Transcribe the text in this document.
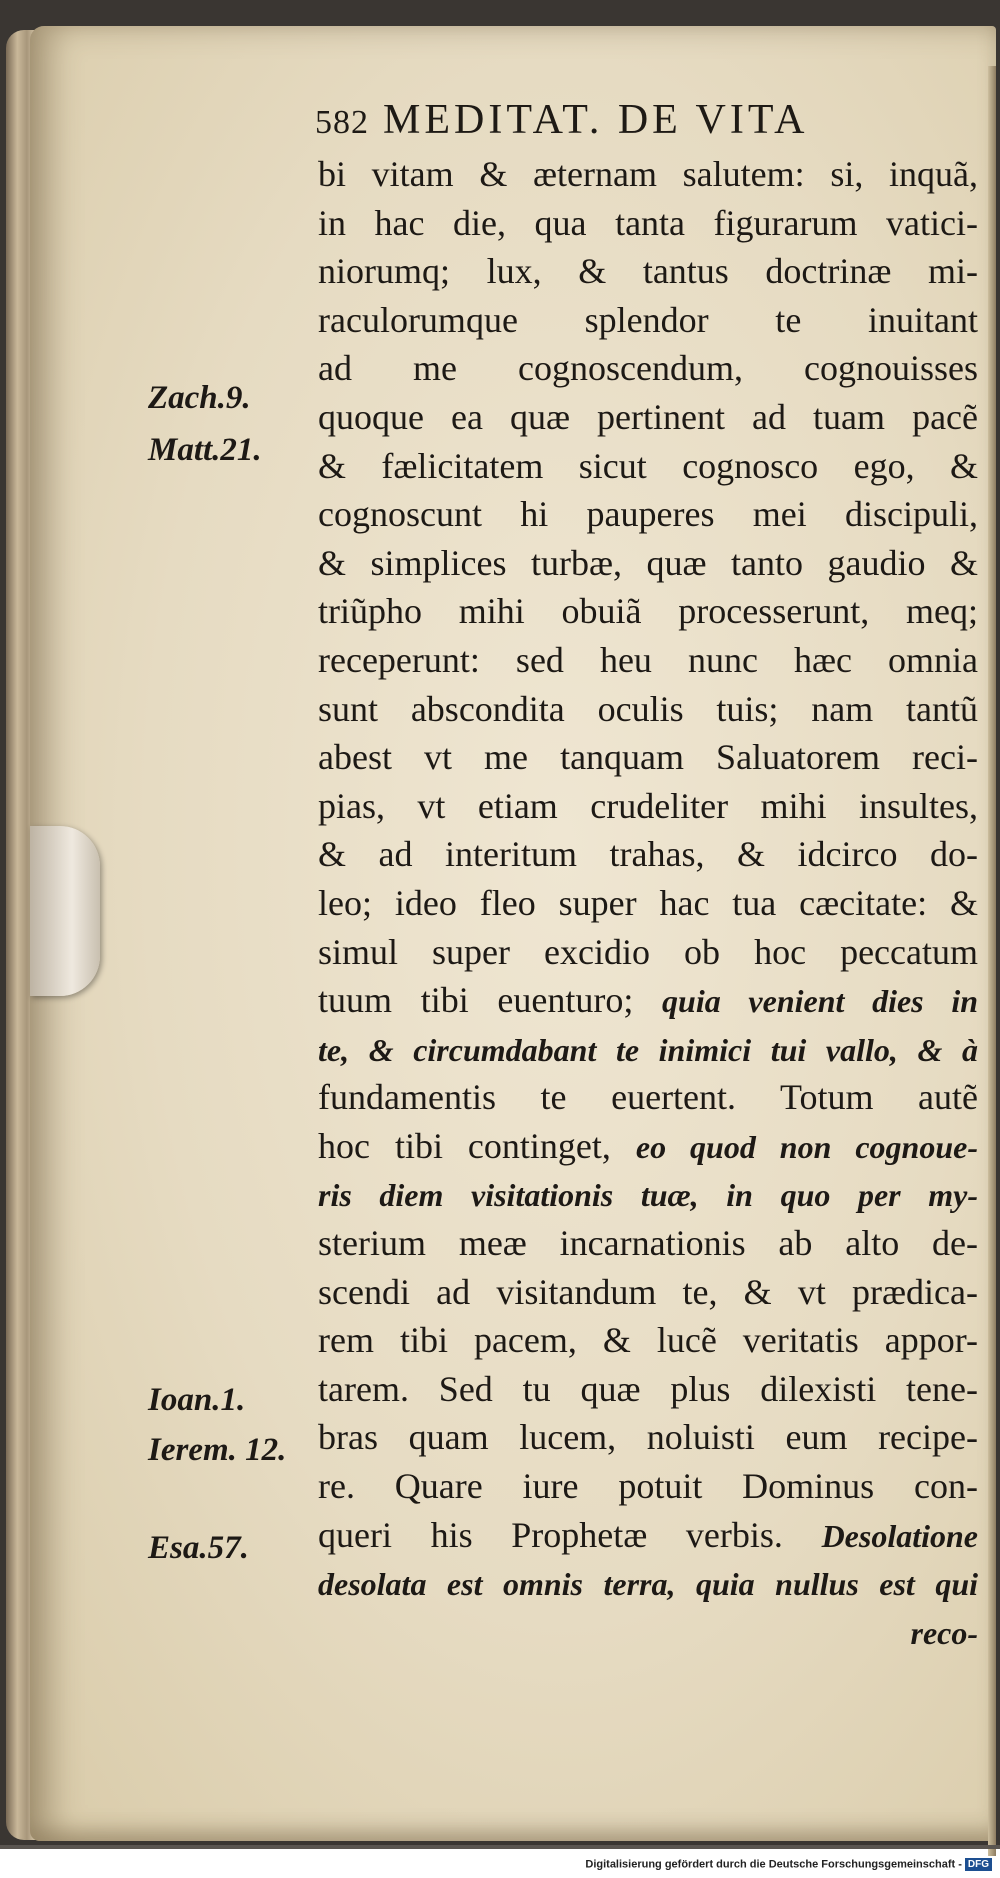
582 MEDITAT. DE VITA
bi vitam & æternam salutem: si, inquã,
in hac die, qua tanta figurarum vatici-
niorumq; lux, & tantus doctrinæ mi-
raculorumque splendor te inuitant
ad me cognoscendum, cognouisses
quoque ea quæ pertinent ad tuam pacẽ
& fælicitatem sicut cognosco ego, &
cognoscunt hi pauperes mei discipuli,
& simplices turbæ, quæ tanto gaudio &
triũpho mihi obuiã processerunt, meq;
receperunt: sed heu nunc hæc omnia
sunt abscondita oculis tuis; nam tantũ
abest vt me tanquam Saluatorem reci-
pias, vt etiam crudeliter mihi insultes,
& ad interitum trahas, & idcirco do-
leo; ideo fleo super hac tua cæcitate: &
simul super excidio ob hoc peccatum
tuum tibi euenturo; quia venient dies in
te, & circumdabant te inimici tui vallo, & à
fundamentis te euertent. Totum autẽ
hoc tibi continget, eo quod non cognoue-
ris diem visitationis tuæ, in quo per my-
sterium meæ incarnationis ab alto de-
scendi ad visitandum te, & vt prædica-
rem tibi pacem, & lucẽ veritatis appor-
tarem. Sed tu quæ plus dilexisti tene-
bras quam lucem, noluisti eum recipe-
re. Quare iure potuit Dominus con-
queri his Prophetæ verbis. Desolatione
desolata est omnis terra, quia nullus est qui
reco-
Zach.9.
Matt.21.
Ioan.1.
Ierem. 12.
Esa.57.
Digitalisierung gefördert durch die Deutsche Forschungsgemeinschaft - DFG
